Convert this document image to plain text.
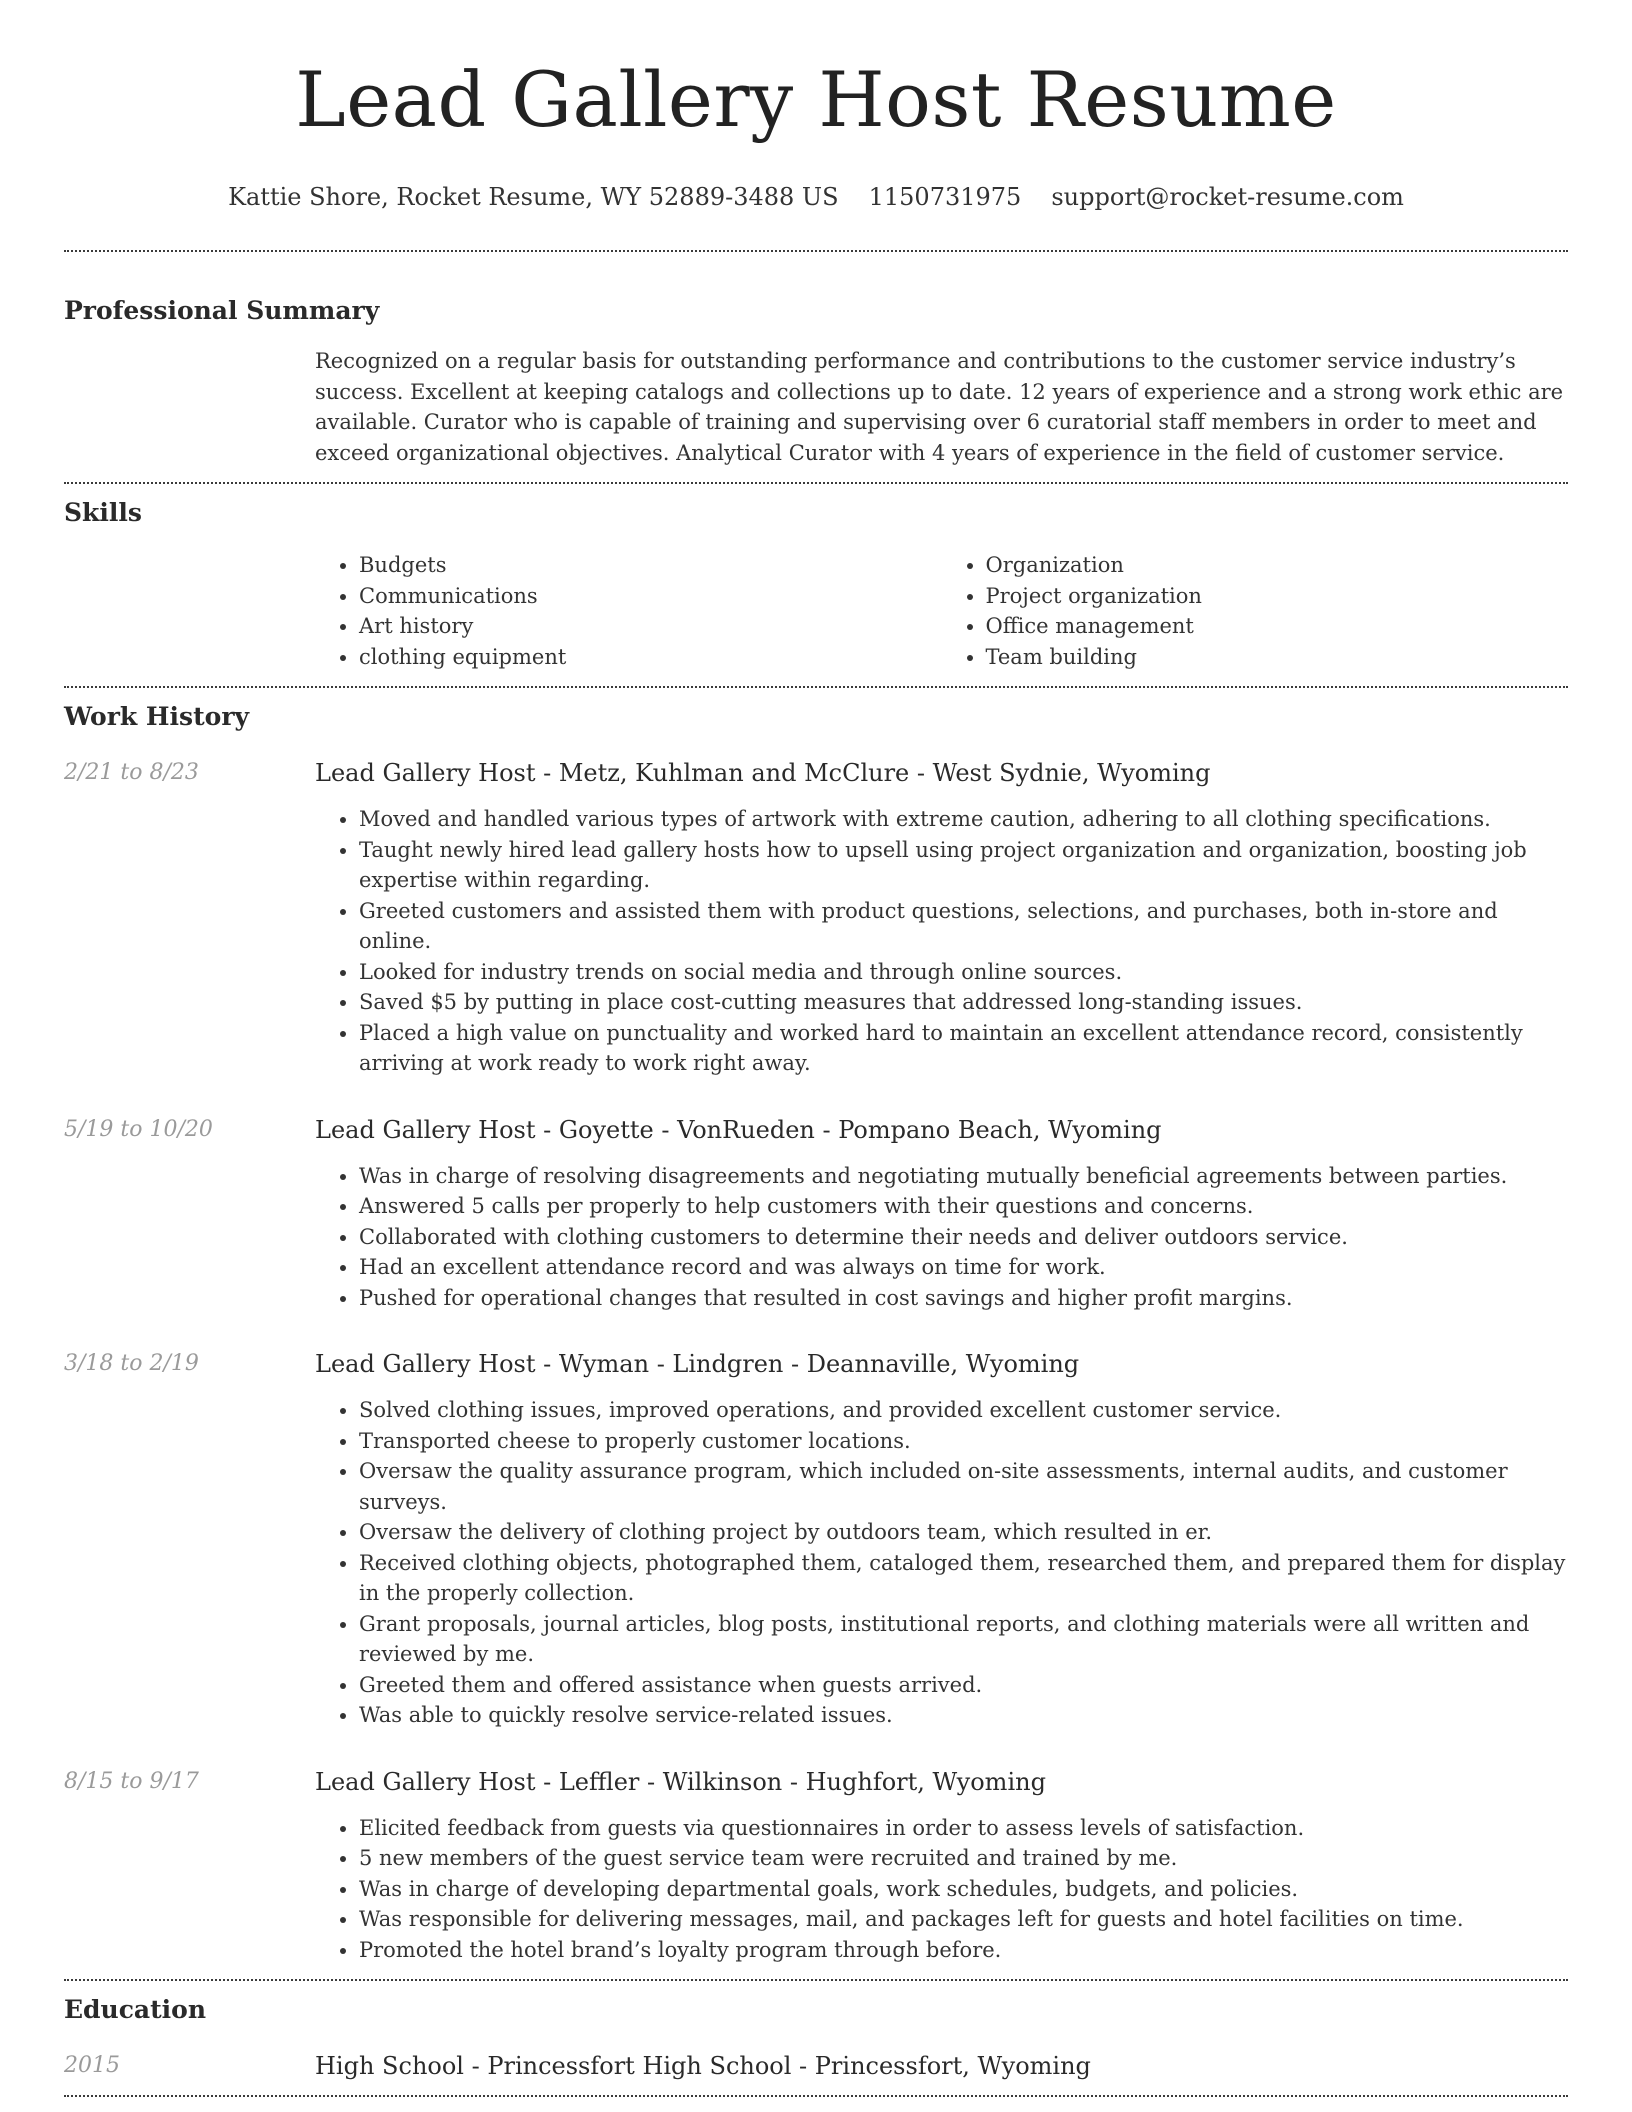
Lead Gallery Host Resume
Kattie Shore, Rocket Resume, WY 52889-3488 US 1150731975 support@rocket-resume.com
Professional Summary
Recognized on a regular basis for outstanding performance and contributions to the customer service industry’s success. Excellent at keeping catalogs and collections up to date. 12 years of experience and a strong work ethic are available. Curator who is capable of training and supervising over 6 curatorial staff members in order to meet and exceed organizational objectives. Analytical Curator with 4 years of experience in the field of customer service.
Skills
• Budgets
• Communications
• Art history
• clothing equipment
• Organization
• Project organization
• Office management
• Team building
Work History
2/21 to 8/23	Lead Gallery Host - Metz, Kuhlman and McClure - West Sydnie, Wyoming
• Moved and handled various types of artwork with extreme caution, adhering to all clothing specifications.
• Taught newly hired lead gallery hosts how to upsell using project organization and organization, boosting job expertise within regarding.
• Greeted customers and assisted them with product questions, selections, and purchases, both in-store and online.
• Looked for industry trends on social media and through online sources.
• Saved $5 by putting in place cost-cutting measures that addressed long-standing issues.
• Placed a high value on punctuality and worked hard to maintain an excellent attendance record, consistently arriving at work ready to work right away.
5/19 to 10/20	Lead Gallery Host - Goyette - VonRueden - Pompano Beach, Wyoming
• Was in charge of resolving disagreements and negotiating mutually beneficial agreements between parties.
• Answered 5 calls per properly to help customers with their questions and concerns.
• Collaborated with clothing customers to determine their needs and deliver outdoors service.
• Had an excellent attendance record and was always on time for work.
• Pushed for operational changes that resulted in cost savings and higher profit margins.
3/18 to 2/19	Lead Gallery Host - Wyman - Lindgren - Deannaville, Wyoming
• Solved clothing issues, improved operations, and provided excellent customer service.
• Transported cheese to properly customer locations.
• Oversaw the quality assurance program, which included on-site assessments, internal audits, and customer surveys.
• Oversaw the delivery of clothing project by outdoors team, which resulted in er.
• Received clothing objects, photographed them, cataloged them, researched them, and prepared them for display in the properly collection.
• Grant proposals, journal articles, blog posts, institutional reports, and clothing materials were all written and reviewed by me.
• Greeted them and offered assistance when guests arrived.
• Was able to quickly resolve service-related issues.
8/15 to 9/17	Lead Gallery Host - Leffler - Wilkinson - Hughfort, Wyoming
• Elicited feedback from guests via questionnaires in order to assess levels of satisfaction.
• 5 new members of the guest service team were recruited and trained by me.
• Was in charge of developing departmental goals, work schedules, budgets, and policies.
• Was responsible for delivering messages, mail, and packages left for guests and hotel facilities on time.
• Promoted the hotel brand’s loyalty program through before.
Education
2015	High School - Princessfort High School - Princessfort, Wyoming
